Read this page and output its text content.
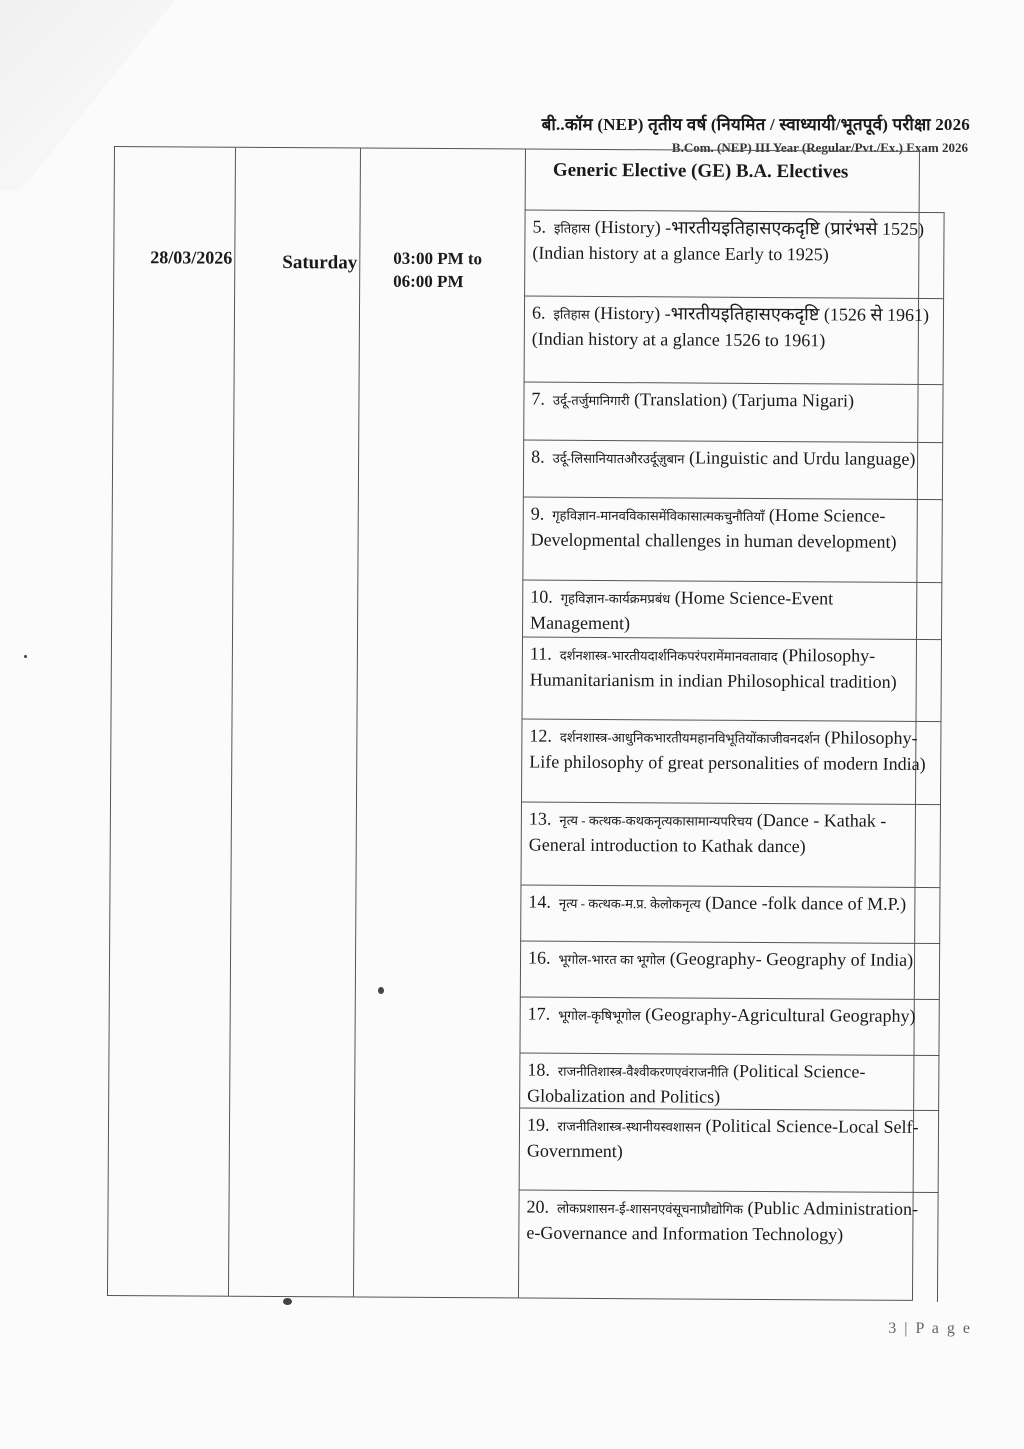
बी..कॉम (NEP) तृतीय वर्ष (नियमित / स्वाध्यायी/भूतपूर्व) परीक्षा 2026
B.Com. (NEP) III Year (Regular/Pvt./Ex.) Exam 2026
28/03/2026	Saturday 03:00 PM to
06:00 PM
Generic Elective (GE) B.A. Electives
5. इतिहास (History) -भारतीयइतिहासएकदृष्टि (प्रारंभसे 1525) (Indian history at a glance Early to 1925)
6. इतिहास (History) -भारतीयइतिहासएकदृष्टि (1526 से 1961) (Indian history at a glance 1526 to 1961)
7. उर्दू-तर्जुमानिगारी (Translation) (Tarjuma Nigari)
8. उर्दू-लिसानियातऔरउर्दूज़ुबान (Linguistic and Urdu language)
9. गृहविज्ञान-मानवविकासमेंविकासात्मकचुनौतियाँ (Home Science-Developmental challenges in human development)
10. गृहविज्ञान-कार्यक्रमप्रबंध (Home Science-Event Management)
11. दर्शनशास्त्र-भारतीयदार्शनिकपरंपरामेंमानवतावाद (Philosophy- Humanitarianism in indian Philosophical tradition)
12. दर्शनशास्त्र-आधुनिकभारतीयमहानविभूतियोंकाजीवनदर्शन (Philosophy-Life philosophy of great personalities of modern India)
13. नृत्य - कत्थक-कथकनृत्यकासामान्यपरिचय (Dance - Kathak - General introduction to Kathak dance)
14. नृत्य - कत्थक-म.प्र. केलोकनृत्य (Dance -folk dance of M.P.)
16. भूगोल-भारत का भूगोल (Geography- Geography of India)
17. भूगोल-कृषिभूगोल (Geography-Agricultural Geography)
18. राजनीतिशास्त्र-वैश्वीकरणएवंराजनीति (Political Science-Globalization and Politics)
19. राजनीतिशास्त्र-स्थानीयस्वशासन (Political Science-Local Self-Government)
20. लोकप्रशासन-ई-शासनएवंसूचनाप्रौद्योगिक (Public Administration-e-Governance and Information Technology)
3 | P a g e
